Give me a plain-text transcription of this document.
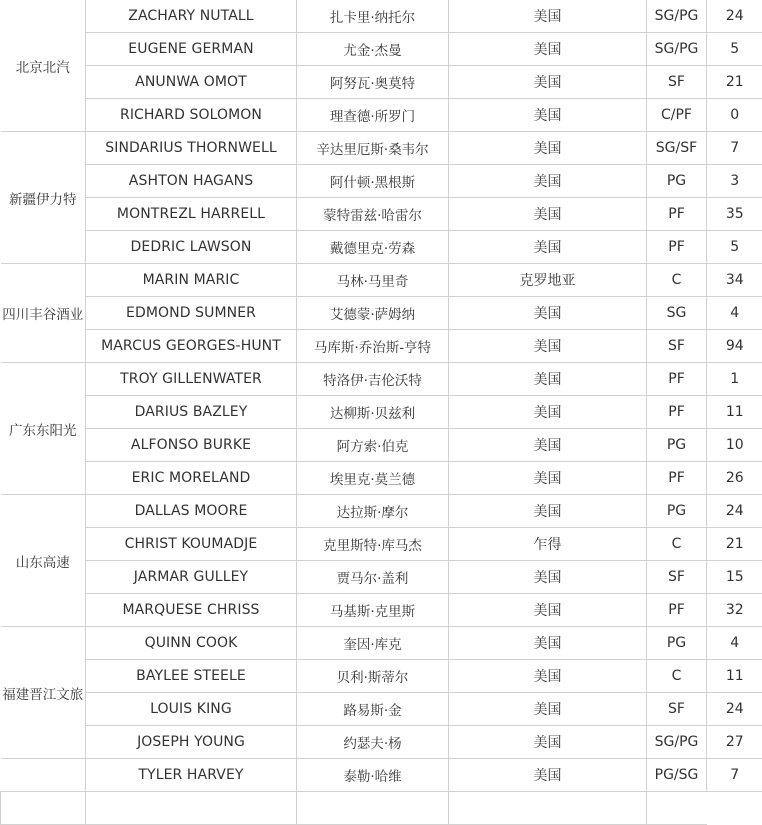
北京北汽	ZACHARY NUTALL	扎卡里·纳托尔	美国	SG/PG	24
	EUGENE GERMAN	尤金·杰曼	美国	SG/PG	5
	ANUNWA OMOT	阿努瓦·奥莫特	美国	SF	21
	RICHARD SOLOMON	理查德·所罗门	美国	C/PF	0
新疆伊力特	SINDARIUS THORNWELL	辛达里厄斯·桑韦尔	美国	SG/SF	7
	ASHTON HAGANS	阿什顿·黑根斯	美国	PG	3
	MONTREZL HARRELL	蒙特雷兹·哈雷尔	美国	PF	35
	DEDRIC LAWSON	戴德里克·劳森	美国	PF	5
四川丰谷酒业	MARIN MARIC	马林·马里奇	克罗地亚	C	34
	EDMOND SUMNER	艾德蒙·萨姆纳	美国	SG	4
	MARCUS GEORGES-HUNT	马库斯·乔治斯-亨特	美国	SF	94
广东东阳光	TROY GILLENWATER	特洛伊·吉伦沃特	美国	PF	1
	DARIUS BAZLEY	达柳斯·贝兹利	美国	PF	11
	ALFONSO BURKE	阿方索·伯克	美国	PG	10
	ERIC MORELAND	埃里克·莫兰德	美国	PF	26
山东高速	DALLAS MOORE	达拉斯·摩尔	美国	PG	24
	CHRIST KOUMADJE	克里斯特·库马杰	乍得	C	21
	JARMAR GULLEY	贾马尔·盖利	美国	SF	15
	MARQUESE CHRISS	马基斯·克里斯	美国	PF	32
福建晋江文旅	QUINN COOK	奎因·库克	美国	PG	4
	BAYLEE STEELE	贝利·斯蒂尔	美国	C	11
	LOUIS KING	路易斯·金	美国	SF	24
	JOSEPH YOUNG	约瑟夫·杨	美国	SG/PG	27
	TYLER HARVEY	泰勒·哈维	美国	PG/SG	7
